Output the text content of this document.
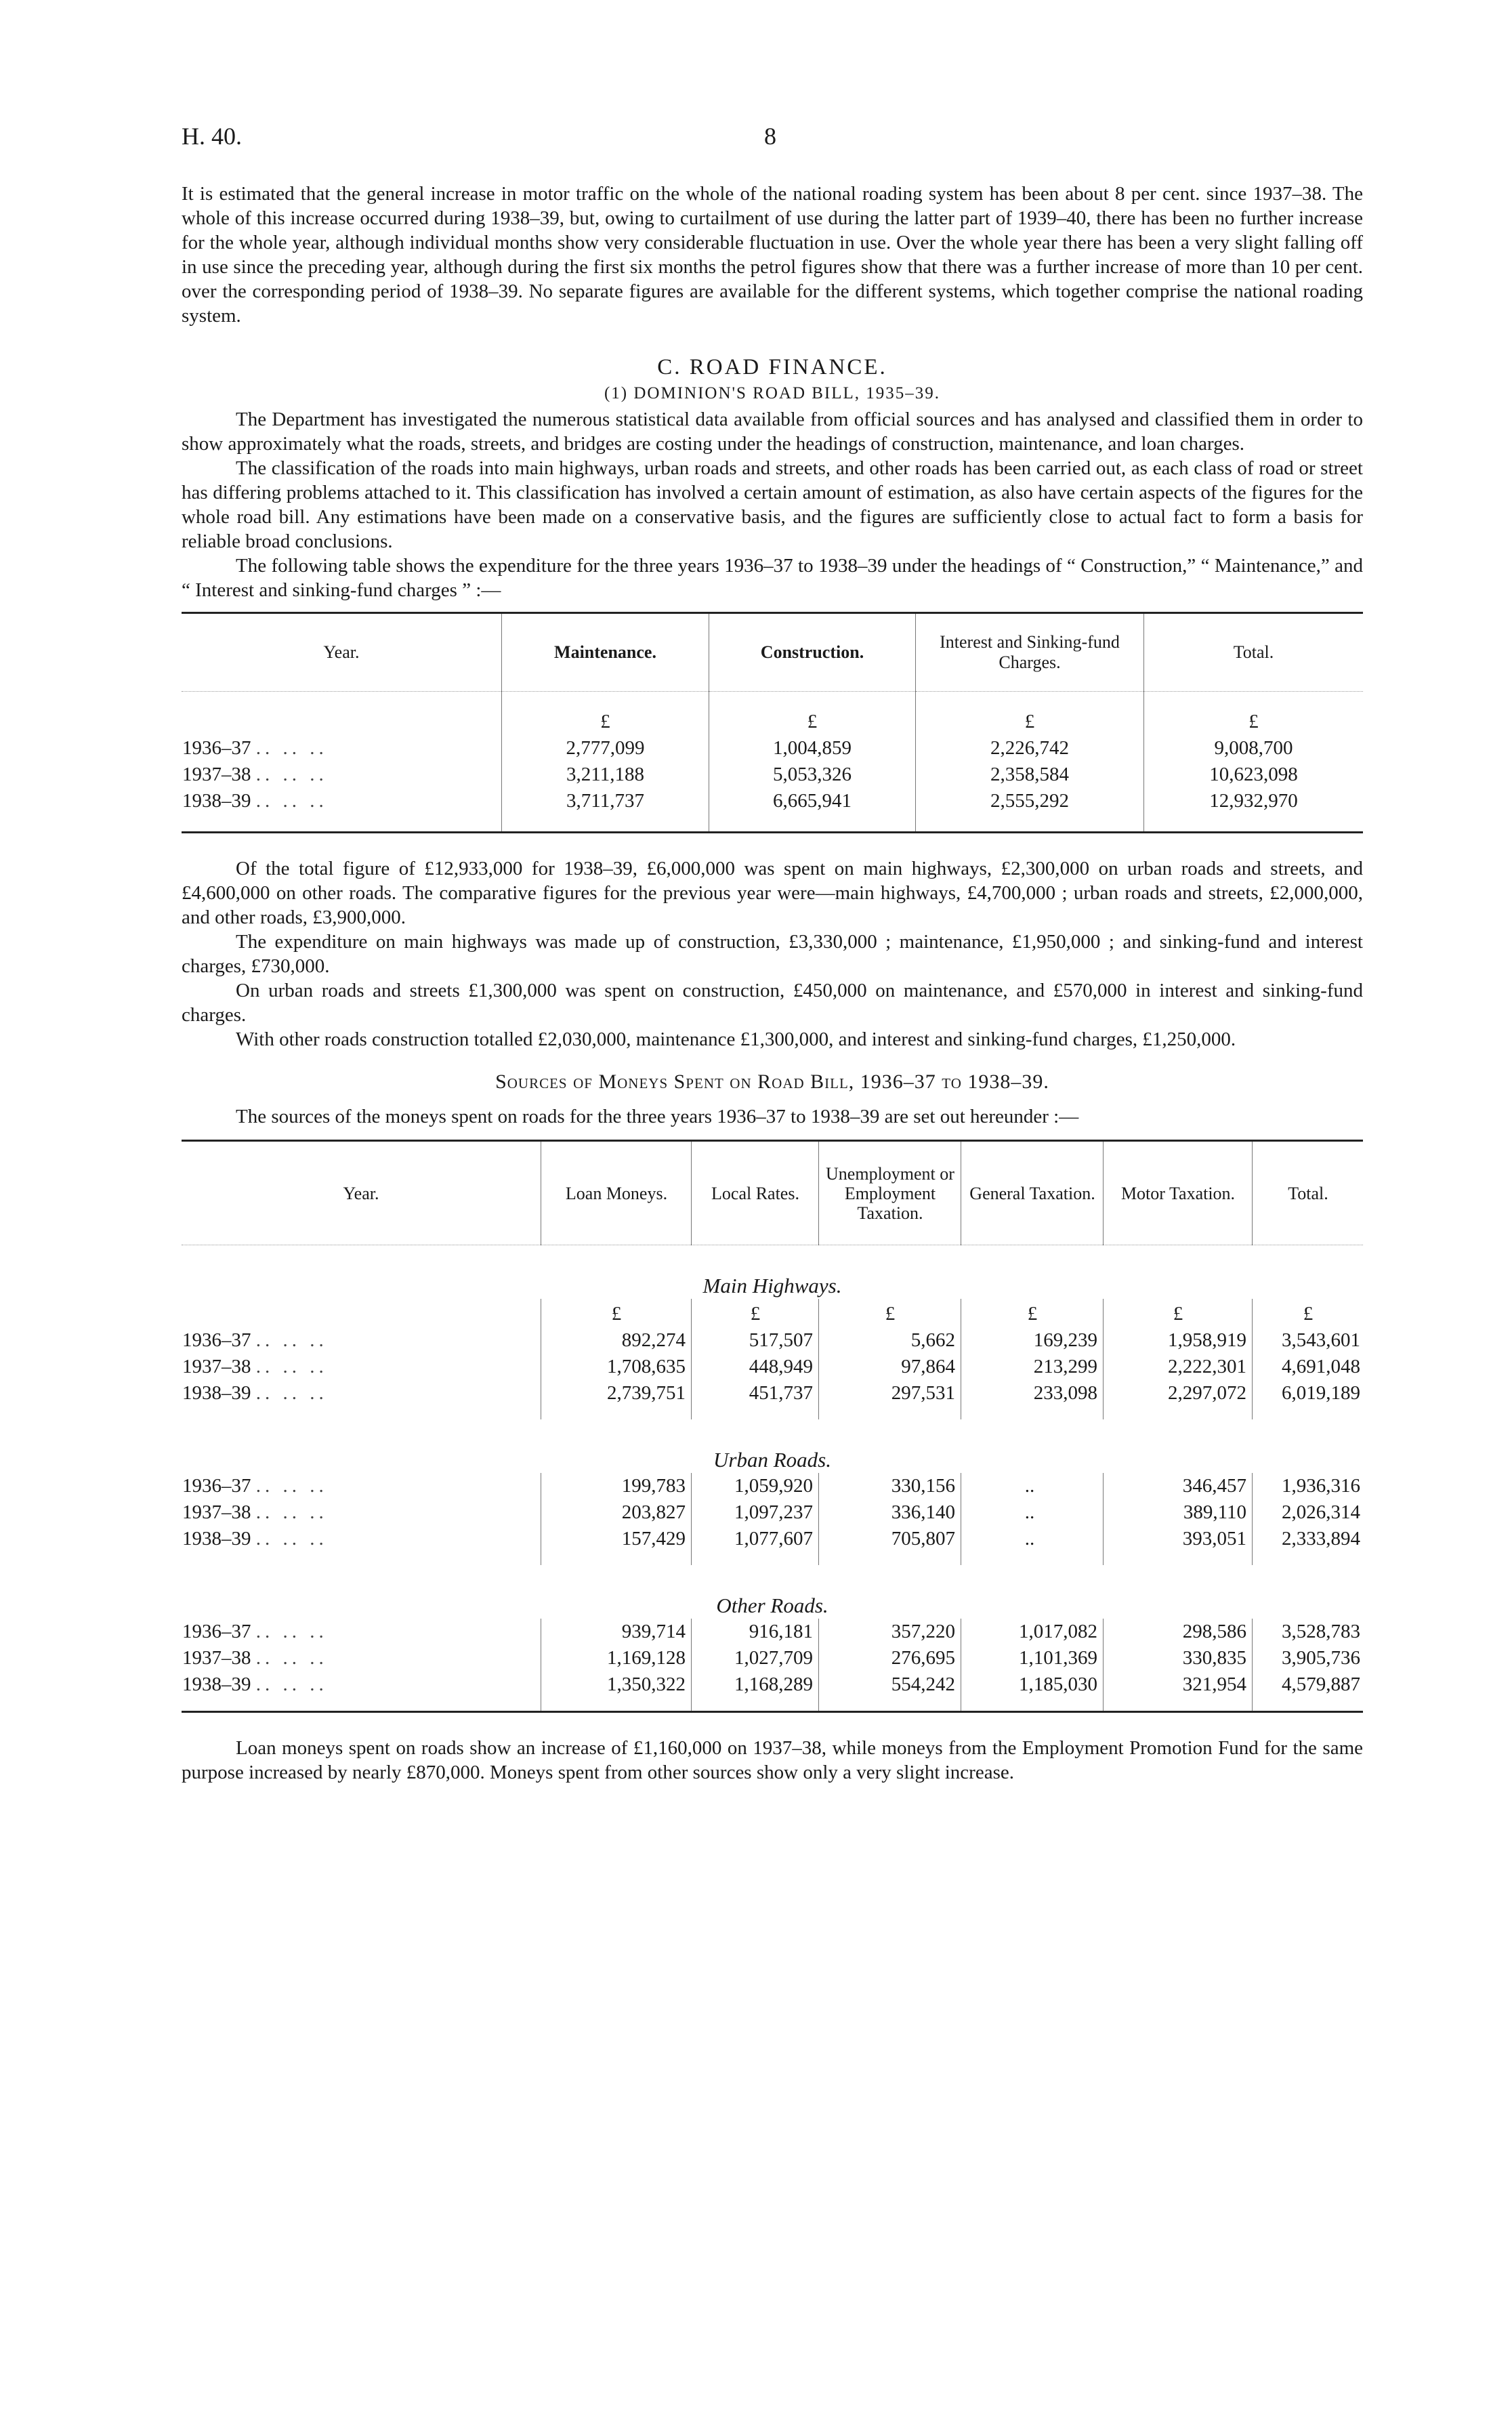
H. 40.	8

It is estimated that the general increase in motor traffic on the whole of the national roading system has been about 8 per cent. since 1937–38. The whole of this increase occurred during 1938–39, but, owing to curtailment of use during the latter part of 1939–40, there has been no further increase for the whole year, although individual months show very considerable fluctuation in use. Over the whole year there has been a very slight falling off in use since the preceding year, although during the first six months the petrol figures show that there was a further increase of more than 10 per cent. over the corresponding period of 1938–39. No separate figures are available for the different systems, which together comprise the national roading system.

C. ROAD FINANCE.
(1) DOMINION'S ROAD BILL, 1935–39.

The Department has investigated the numerous statistical data available from official sources and has analysed and classified them in order to show approximately what the roads, streets, and bridges are costing under the headings of construction, maintenance, and loan charges.

The classification of the roads into main highways, urban roads and streets, and other roads has been carried out, as each class of road or street has differing problems attached to it. This classification has involved a certain amount of estimation, as also have certain aspects of the figures for the whole road bill. Any estimations have been made on a conservative basis, and the figures are sufficiently close to actual fact to form a basis for reliable broad conclusions.

The following table shows the expenditure for the three years 1936–37 to 1938–39 under the headings of “ Construction,” “ Maintenance,” and “ Interest and sinking-fund charges ” :—

Year.	Maintenance.	Construction.	Interest and Sinking-fund Charges.	Total.
	£	£	£	£
1936–37 .. .. ..	2,777,099	1,004,859	2,226,742	9,008,700
1937–38 .. .. ..	3,211,188	5,053,326	2,358,584	10,623,098
1938–39 .. .. ..	3,711,737	6,665,941	2,555,292	12,932,970

Of the total figure of £12,933,000 for 1938–39, £6,000,000 was spent on main highways, £2,300,000 on urban roads and streets, and £4,600,000 on other roads. The comparative figures for the previous year were—main highways, £4,700,000 ; urban roads and streets, £2,000,000, and other roads, £3,900,000.

The expenditure on main highways was made up of construction, £3,330,000 ; maintenance, £1,950,000 ; and sinking-fund and interest charges, £730,000.

On urban roads and streets £1,300,000 was spent on construction, £450,000 on maintenance, and £570,000 in interest and sinking-fund charges.

With other roads construction totalled £2,030,000, maintenance £1,300,000, and interest and sinking-fund charges, £1,250,000.

Sources of Moneys Spent on Road Bill, 1936–37 to 1938–39.

The sources of the moneys spent on roads for the three years 1936–37 to 1938–39 are set out hereunder :—

Year.	Loan Moneys.	Local Rates.	Unemployment or Employment Taxation.	General Taxation.	Motor Taxation.	Total.
Main Highways.						
	£	£	£	£	£	£
1936–37 .. .. ..	892,274	517,507	5,662	169,239	1,958,919	3,543,601
1937–38 .. .. ..	1,708,635	448,949	97,864	213,299	2,222,301	4,691,048
1938–39 .. .. ..	2,739,751	451,737	297,531	233,098	2,297,072	6,019,189
Urban Roads.						
1936–37 .. .. ..	199,783	1,059,920	330,156	..	346,457	1,936,316
1937–38 .. .. ..	203,827	1,097,237	336,140	..	389,110	2,026,314
1938–39 .. .. ..	157,429	1,077,607	705,807	..	393,051	2,333,894
Other Roads.						
1936–37 .. .. ..	939,714	916,181	357,220	1,017,082	298,586	3,528,783
1937–38 .. .. ..	1,169,128	1,027,709	276,695	1,101,369	330,835	3,905,736
1938–39 .. .. ..	1,350,322	1,168,289	554,242	1,185,030	321,954	4,579,887

Loan moneys spent on roads show an increase of £1,160,000 on 1937–38, while moneys from the Employment Promotion Fund for the same purpose increased by nearly £870,000. Moneys spent from other sources show only a very slight increase.
